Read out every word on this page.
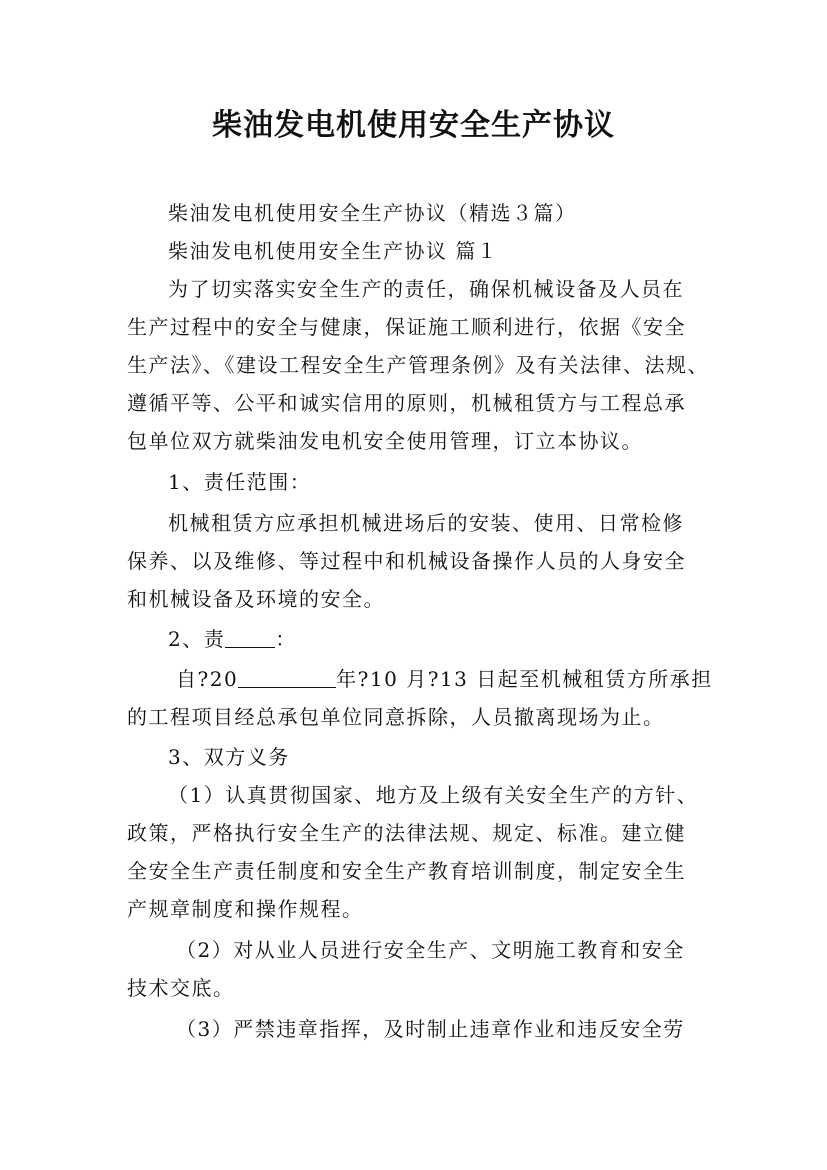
柴油发电机使用安全生产协议
柴油发电机使用安全生产协议（精选３篇）
柴油发电机使用安全生产协议 篇１
为了切实落实安全生产的责任，确保机械设备及人员在
生产过程中的安全与健康，保证施工顺利进行，依据《安全
生产法》、《建设工程安全生产管理条例》及有关法律、法规、
遵循平等、公平和诚实信用的原则，机械租赁方与工程总承
包单位双方就柴油发电机安全使用管理，订立本协议。
1、责任范围：
机械租赁方应承担机械进场后的安装、使用、日常检修
保养、以及维修、等过程中和机械设备操作人员的人身安全
和机械设备及环境的安全。
2、责	：
自?20	年?10 月?13 日起至机械租赁方所承担
的工程项目经总承包单位同意拆除，人员撤离现场为止。
3、双方义务
（1）认真贯彻国家、地方及上级有关安全生产的方针、
政策，严格执行安全生产的法律法规、规定、标准。建立健
全安全生产责任制度和安全生产教育培训制度，制定安全生
产规章制度和操作规程。
（2）对从业人员进行安全生产、文明施工教育和安全
技术交底。
（3）严禁违章指挥，及时制止违章作业和违反安全劳
